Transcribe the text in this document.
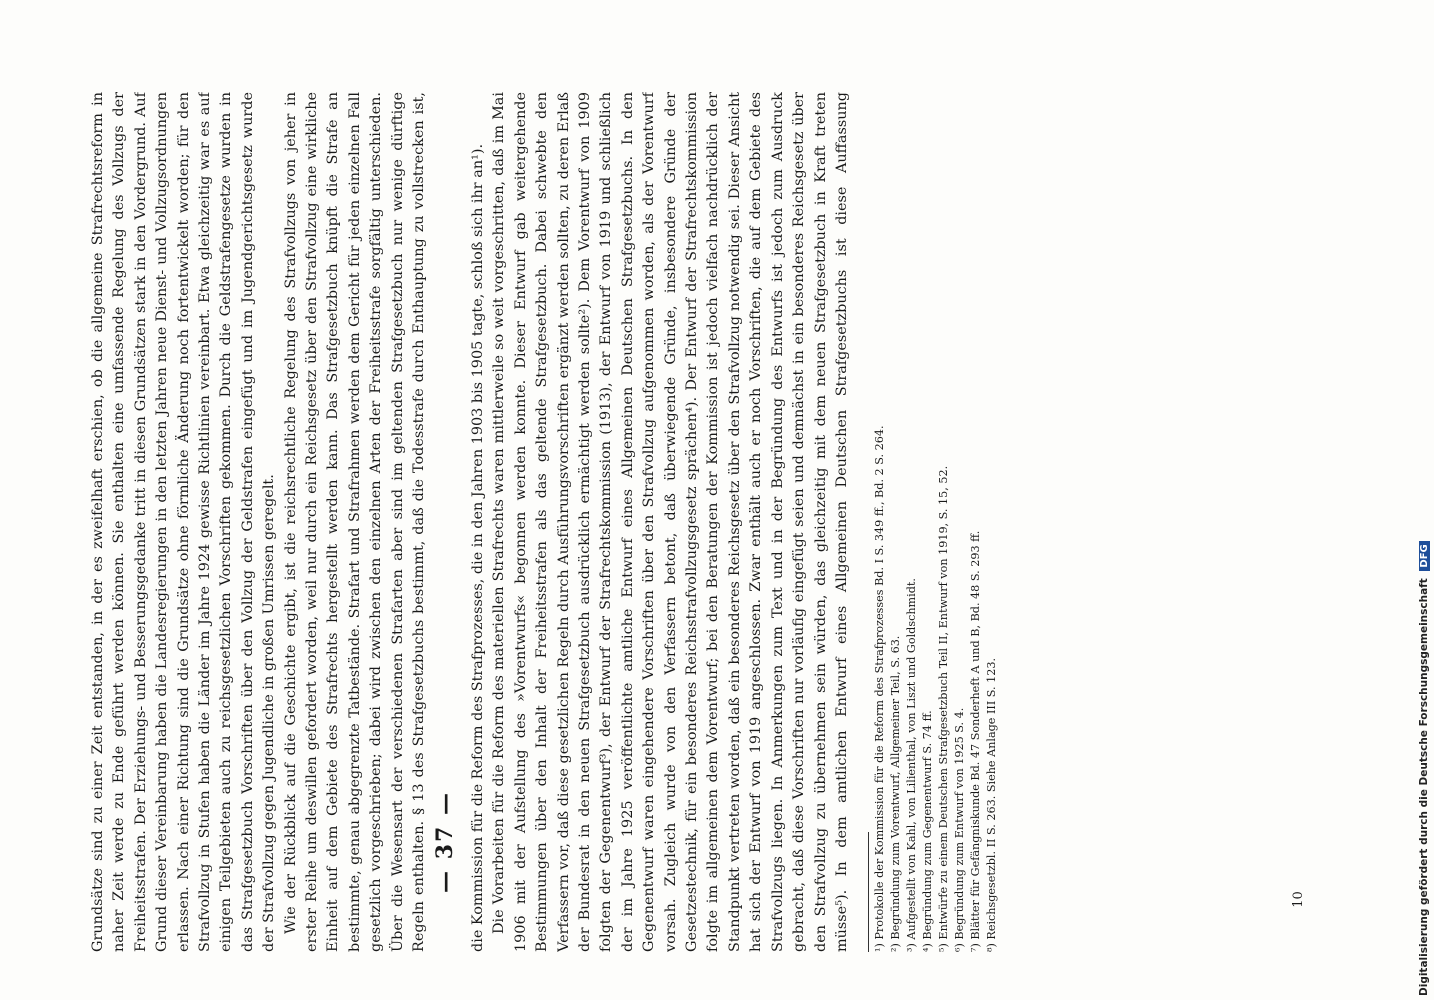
— 37 — die Kommission für die Reform des Strafprozesses, die in den Jahren 1903 bis 1905 tagte, schloß sich ihr an¹). Die Vorarbeiten für die Reform des materiellen Strafrechts waren mittlerweile so weit vorgeschritten, daß im Mai 1906 mit der Aufstellung des »Vorentwurfs« begonnen werden konnte. Dieser Entwurf gab weitergehende Bestimmungen über den Inhalt der Freiheitsstrafen als das geltende Strafgesetzbuch. Dabei schwebte den Verfassern vor, daß diese gesetzlichen Regeln durch Ausführungsvorschriften ergänzt werden sollten, zu deren Erlaß der Bundesrat in den neuen Strafgesetzbuch ausdrücklich ermächtigt werden sollte²). Dem Vorentwurf von 1909 folgten der Gegenentwurf³), der Entwurf der Strafrechtskommission (1913), der Entwurf von 1919 und schließlich der im Jahre 1925 veröffentlichte amtliche Entwurf eines Allgemeinen Deutschen Strafgesetzbuchs. In den Gegenentwurf waren eingehendere Vorschriften über den Strafvollzug aufgenommen worden, als der Vorentwurf vorsah. Zugleich wurde von den Verfassern betont, daß überwiegende Gründe, insbesondere Gründe der Gesetzestechnik, für ein besonderes Reichsstrafvollzugsgesetz sprächen⁴). Der Entwurf der Strafrechtskommission folgte im allgemeinen dem Vorentwurf; bei den Beratungen der Kommission ist jedoch vielfach nachdrücklich der Standpunkt vertreten worden, daß ein besonderes Reichsgesetz über den Strafvollzug notwendig sei. Dieser Ansicht hat sich der Entwurf von 1919 angeschlossen. Zwar enthält auch er noch Vorschriften, die auf dem Gebiete des Strafvollzugs liegen. In Anmerkungen zum Text und in der Begründung des Entwurfs ist jedoch zum Ausdruck gebracht, daß diese Vorschriften nur vorläufig eingefügt seien und demnächst in ein besonderes Reichsgesetz über den Strafvollzug zu übernehmen sein würden, das gleichzeitig mit dem neuen Strafgesetzbuch in Kraft treten müsse⁵). In dem amtlichen Entwurf eines Allgemeinen Deutschen Strafgesetzbuchs ist diese Auffassung

¹) Protokolle der Kommission für die Reform des Strafprozesses Bd. I S. 349 ff., Bd. 2 S. 264. ²) Begründung zum Vorentwurf, Allgemeiner Teil, S. 63. ³) Aufgestellt von Kahl, von Lilienthal, von Liszt und Goldschmidt. ⁴) Begründung zum Gegenentwurf S. 74 ff. ⁵) Entwürfe zu einem Deutschen Strafgesetzbuch Teil II, Entwurf von 1919, S. 15, 52. ⁶) Begründung zum Entwurf von 1925 S. 4. ⁷) Blätter für Gefängniskunde Bd. 47 Sonderheft A und B, Bd. 48 S. 293 ff. ⁸) Reichsgesetzbl. II S. 263. Siehe Anlage III S. 123.

Grundsätze sind zu einer Zeit entstanden, in der es zweifelhaft erschien, ob die allgemeine Strafrechtsreform in naher Zeit werde zu Ende geführt werden können. Sie enthalten eine umfassende Regelung des Vollzugs der Freiheitsstrafen. Der Erziehungs- und Besserungsgedanke tritt in diesen Grundsätzen stark in den Vordergrund. Auf Grund dieser Vereinbarung haben die Landesregierungen in den letzten Jahren neue Dienst- und Vollzugsordnungen erlassen. Nach einer Richtung sind die Grundsätze ohne förmliche Änderung noch fortentwickelt worden; für den Strafvollzug in Stufen haben die Länder im Jahre 1924 gewisse Richtlinien vereinbart. Etwa gleichzeitig war es auf einigen Teilgebieten auch zu reichsgesetzlichen Vorschriften gekommen. Durch die Geldstrafengesetze wurden in das Strafgesetzbuch Vorschriften über den Vollzug der Geldstrafen eingefügt und im Jugendgerichtsgesetz wurde der Strafvollzug gegen Jugendliche in großen Umrissen geregelt. Wie der Rückblick auf die Geschichte ergibt, ist die reichsrechtliche Regelung des Strafvollzugs von jeher in erster Reihe um deswillen gefordert worden, weil nur durch ein Reichsgesetz über den Strafvollzug eine wirkliche Einheit auf dem Gebiete des Strafrechts hergestellt werden kann. Das Strafgesetzbuch knüpft die Strafe an bestimmte, genau abgegrenzte Tatbestände. Strafart und Strafrahmen werden dem Gericht für jeden einzelnen Fall gesetzlich vorgeschrieben; dabei wird zwischen den einzelnen Arten der Freiheitsstrafe sorgfältig unterschieden. Über die Wesensart der verschiedenen Strafarten aber sind im geltenden Strafgesetzbuch nur wenige dürftige Regeln enthalten. § 13 des Strafgesetzbuchs bestimmt, daß die Todesstrafe durch Enthauptung zu vollstrecken ist,

10	Digitalisierung gefördert durch die Deutsche Forschungsgemeinschaft DFG
